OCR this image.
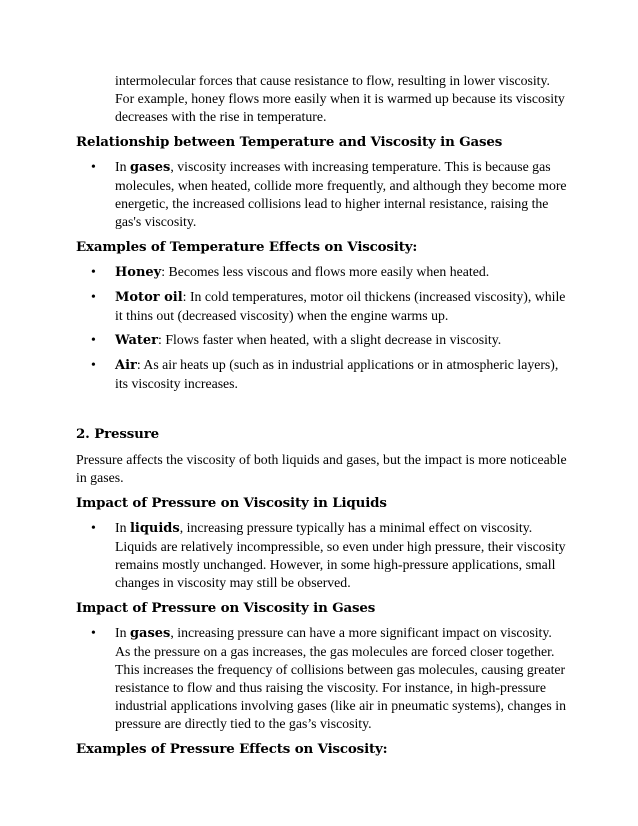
intermolecular forces that cause resistance to flow, resulting in lower viscosity. For example, honey flows more easily when it is warmed up because its viscosity decreases with the rise in temperature.

Relationship between Temperature and Viscosity in Gases
• In gases, viscosity increases with increasing temperature. This is because gas molecules, when heated, collide more frequently, and although they become more energetic, the increased collisions lead to higher internal resistance, raising the gas's viscosity.
Examples of Temperature Effects on Viscosity:
• Honey: Becomes less viscous and flows more easily when heated.
• Motor oil: In cold temperatures, motor oil thickens (increased viscosity), while it thins out (decreased viscosity) when the engine warms up.
• Water: Flows faster when heated, with a slight decrease in viscosity.
• Air: As air heats up (such as in industrial applications or in atmospheric layers), its viscosity increases.
2. Pressure

Pressure affects the viscosity of both liquids and gases, but the impact is more noticeable in gases.

Impact of Pressure on Viscosity in Liquids
• In liquids, increasing pressure typically has a minimal effect on viscosity. Liquids are relatively incompressible, so even under high pressure, their viscosity remains mostly unchanged. However, in some high-pressure applications, small changes in viscosity may still be observed.
Impact of Pressure on Viscosity in Gases
• In gases, increasing pressure can have a more significant impact on viscosity. As the pressure on a gas increases, the gas molecules are forced closer together. This increases the frequency of collisions between gas molecules, causing greater resistance to flow and thus raising the viscosity. For instance, in high-pressure industrial applications involving gases (like air in pneumatic systems), changes in pressure are directly tied to the gas’s viscosity.
Examples of Pressure Effects on Viscosity:
